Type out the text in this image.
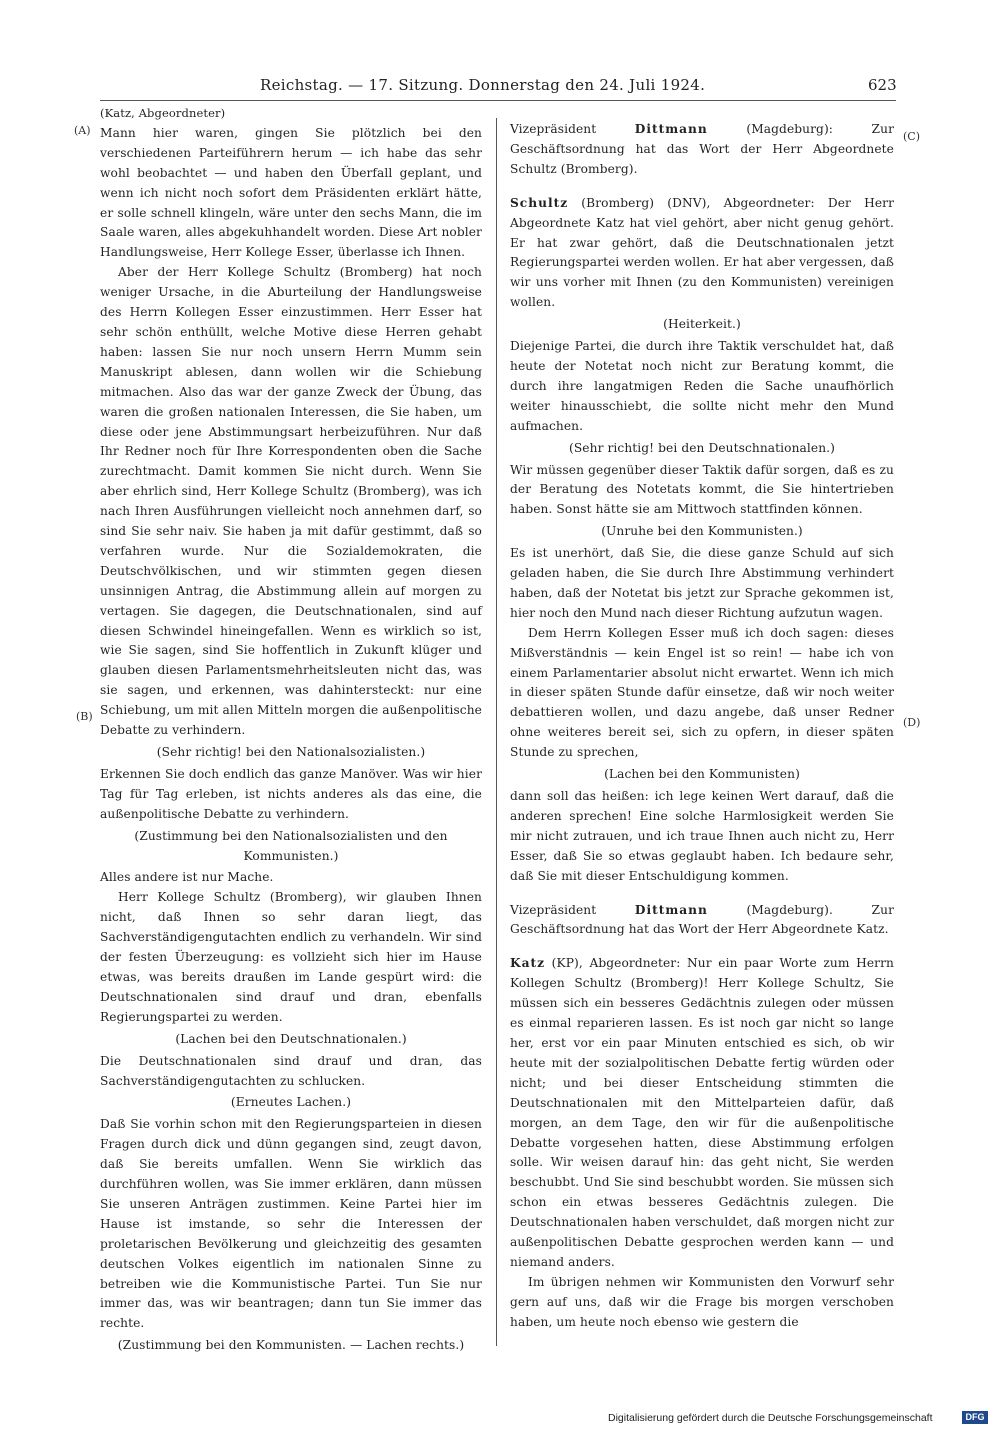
Reichstag. — 17. Sitzung. Donnerstag den 24. Juli 1924.	623
(A)
(B)
(C)
(D)

(Katz, Abgeordneter)

Mann hier waren, gingen Sie plötzlich bei den verschiedenen Parteiführern herum — ich habe das sehr wohl beobachtet — und haben den Überfall geplant, und wenn ich nicht noch sofort dem Präsidenten erklärt hätte, er solle schnell klingeln, wäre unter den sechs Mann, die im Saale waren, alles abgekuhhandelt worden. Diese Art nobler Handlungsweise, Herr Kollege Esser, überlasse ich Ihnen.

Aber der Herr Kollege Schultz (Bromberg) hat noch weniger Ursache, in die Aburteilung der Handlungsweise des Herrn Kollegen Esser einzustimmen. Herr Esser hat sehr schön enthüllt, welche Motive diese Herren gehabt haben: lassen Sie nur noch unsern Herrn Mumm sein Manuskript ablesen, dann wollen wir die Schiebung mitmachen. Also das war der ganze Zweck der Übung, das waren die großen nationalen Interessen, die Sie haben, um diese oder jene Abstimmungsart herbeizuführen. Nur daß Ihr Redner noch für Ihre Korrespondenten oben die Sache zurechtmacht. Damit kommen Sie nicht durch. Wenn Sie aber ehrlich sind, Herr Kollege Schultz (Bromberg), was ich nach Ihren Ausführungen vielleicht noch annehmen darf, so sind Sie sehr naiv. Sie haben ja mit dafür gestimmt, daß so verfahren wurde. Nur die Sozialdemokraten, die Deutschvölkischen, und wir stimmten gegen diesen unsinnigen Antrag, die Abstimmung allein auf morgen zu vertagen. Sie dagegen, die Deutschnationalen, sind auf diesen Schwindel hineingefallen. Wenn es wirklich so ist, wie Sie sagen, sind Sie hoffentlich in Zukunft klüger und glauben diesen Parlamentsmehrheitsleuten nicht das, was sie sagen, und erkennen, was dahintersteckt: nur eine Schiebung, um mit allen Mitteln morgen die außenpolitische Debatte zu verhindern.

(Sehr richtig! bei den Nationalsozialisten.)

Erkennen Sie doch endlich das ganze Manöver. Was wir hier Tag für Tag erleben, ist nichts anderes als das eine, die außenpolitische Debatte zu verhindern.

(Zustimmung bei den Nationalsozialisten und den Kommunisten.)

Alles andere ist nur Mache.

Herr Kollege Schultz (Bromberg), wir glauben Ihnen nicht, daß Ihnen so sehr daran liegt, das Sachverständigengutachten endlich zu verhandeln. Wir sind der festen Überzeugung: es vollzieht sich hier im Hause etwas, was bereits draußen im Lande gespürt wird: die Deutschnationalen sind drauf und dran, ebenfalls Regierungspartei zu werden.

(Lachen bei den Deutschnationalen.)

Die Deutschnationalen sind drauf und dran, das Sachverständigengutachten zu schlucken.

(Erneutes Lachen.)

Daß Sie vorhin schon mit den Regierungsparteien in diesen Fragen durch dick und dünn gegangen sind, zeugt davon, daß Sie bereits umfallen. Wenn Sie wirklich das durchführen wollen, was Sie immer erklären, dann müssen Sie unseren Anträgen zustimmen. Keine Partei hier im Hause ist imstande, so sehr die Interessen der proletarischen Bevölkerung und gleichzeitig des gesamten deutschen Volkes eigentlich im nationalen Sinne zu betreiben wie die Kommunistische Partei. Tun Sie nur immer das, was wir beantragen; dann tun Sie immer das rechte.

(Zustimmung bei den Kommunisten. — Lachen rechts.)

Vizepräsident	Dittmann	(Magdeburg): Zur Geschäftsordnung hat das Wort der Herr Abgeordnete Schultz (Bromberg).

Schultz (Bromberg) (DNV), Abgeordneter: Der Herr Abgeordnete Katz hat viel gehört, aber nicht genug gehört. Er hat zwar gehört, daß die Deutschnationalen jetzt Regierungspartei werden wollen. Er hat aber vergessen, daß wir uns vorher mit Ihnen (zu den Kommunisten) vereinigen wollen.

(Heiterkeit.)

Diejenige Partei, die durch ihre Taktik verschuldet hat, daß heute der Notetat noch nicht zur Beratung kommt, die durch ihre langatmigen Reden die Sache unaufhörlich weiter hinausschiebt, die sollte nicht mehr den Mund aufmachen.

(Sehr richtig! bei den Deutschnationalen.)

Wir müssen gegenüber dieser Taktik dafür sorgen, daß es zu der Beratung des Notetats kommt, die Sie hintertrieben haben. Sonst hätte sie am Mittwoch stattfinden können.

(Unruhe bei den Kommunisten.)

Es ist unerhört, daß Sie, die diese ganze Schuld auf sich geladen haben, die Sie durch Ihre Abstimmung verhindert haben, daß der Notetat bis jetzt zur Sprache gekommen ist, hier noch den Mund nach dieser Richtung aufzutun wagen.

Dem Herrn Kollegen Esser muß ich doch sagen: dieses Mißverständnis — kein Engel ist so rein! — habe ich von einem Parlamentarier absolut nicht erwartet. Wenn ich mich in dieser späten Stunde dafür einsetze, daß wir noch weiter debattieren wollen, und dazu angebe, daß unser Redner ohne weiteres bereit sei, sich zu opfern, in dieser späten Stunde zu sprechen,

(Lachen bei den Kommunisten)

dann soll das heißen: ich lege keinen Wert darauf, daß die anderen sprechen! Eine solche Harmlosigkeit werden Sie mir nicht zutrauen, und ich traue Ihnen auch nicht zu, Herr Esser, daß Sie so etwas geglaubt haben. Ich bedaure sehr, daß Sie mit dieser Entschuldigung kommen.

Vizepräsident	Dittmann	(Magdeburg). Zur Geschäftsordnung hat das Wort der Herr Abgeordnete Katz.

Katz (KP), Abgeordneter: Nur ein paar Worte zum Herrn Kollegen Schultz (Bromberg)! Herr Kollege Schultz, Sie müssen sich ein besseres Gedächtnis zulegen oder müssen es einmal reparieren lassen. Es ist noch gar nicht so lange her, erst vor ein paar Minuten entschied es sich, ob wir heute mit der sozialpolitischen Debatte fertig würden oder nicht; und bei dieser Entscheidung stimmten die Deutschnationalen mit den Mittelparteien dafür, daß morgen, an dem Tage, den wir für die außenpolitische Debatte vorgesehen hatten, diese Abstimmung erfolgen solle. Wir weisen darauf hin: das geht nicht, Sie werden beschubbt. Und Sie sind beschubbt worden. Sie müssen sich schon ein etwas besseres Gedächtnis zulegen. Die Deutschnationalen haben verschuldet, daß morgen nicht zur außenpolitischen Debatte gesprochen werden kann — und niemand anders.

Im übrigen nehmen wir Kommunisten den Vorwurf sehr gern auf uns, daß wir die Frage bis morgen verschoben haben, um heute noch ebenso wie gestern die

Digitalisierung gefördert durch die Deutsche Forschungsgemeinschaft	DFG
